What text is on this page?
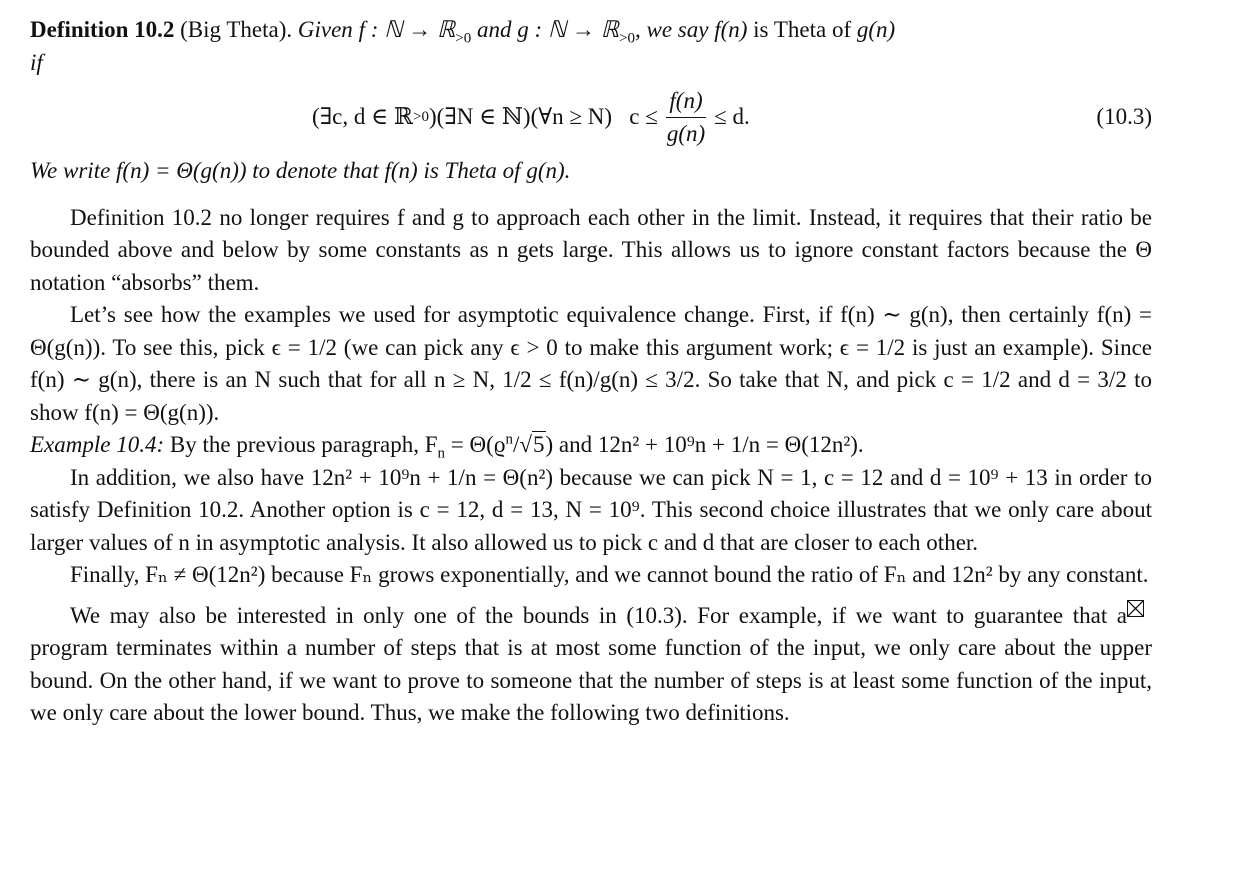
Definition 10.2 (Big Theta). Given f : ℕ → ℝ$_{>0}$ and g : ℕ → ℝ$_{>0}$, we say f(n) is Theta of g(n)
if

(∃c, d ∈ ℝ >0 )(∃N ∈ ℕ)(∀n ≥ N)   $c \le \frac{f(n)}{g(n)} \le d$.	(10.3)

We write f(n) = Θ(g(n)) to denote that f(n) is Theta of g(n).

Definition 10.2 no longer requires f and g to approach each other in the limit. Instead, it requires that their ratio be bounded above and below by some constants as n gets large. This allows us to ignore constant factors because the Θ notation “absorbs” them.

Let’s see how the examples we used for asymptotic equivalence change. First, if f(n) ∼ g(n), then certainly f(n) = Θ(g(n)). To see this, pick ϵ = 1/2 (we can pick any ϵ > 0 to make this argument work; ϵ = 1/2 is just an example). Since f(n) ∼ g(n), there is an N such that for all n ≥ N, 1/2 ≤ f(n)/g(n) ≤ 3/2. So take that N, and pick c = 1/2 and d = 3/2 to show f(n) = Θ(g(n)).

Example 10.4: By the previous paragraph, $F_n = \Theta(ϱ^n/√5)$ and 12n² + 10⁹n + 1/n = Θ(12n²).

In addition, we also have 12n² + 10⁹n + 1/n = Θ(n²) because we can pick N = 1, c = 12 and d = 10⁹ + 13 in order to satisfy Definition 10.2. Another option is c = 12, d = 13, N = 10⁹. This second choice illustrates that we only care about larger values of n in asymptotic analysis. It also allowed us to pick c and d that are closer to each other.

Finally, Fₙ ≠ Θ(12n²) because Fₙ grows exponentially, and we cannot bound the ratio of Fₙ and 12n² by any constant.

We may also be interested in only one of the bounds in (10.3). For example, if we want to guarantee that a program terminates within a number of steps that is at most some function of the input, we only care about the upper bound. On the other hand, if we want to prove to someone that the number of steps is at least some function of the input, we only care about the lower bound. Thus, we make the following two definitions.
